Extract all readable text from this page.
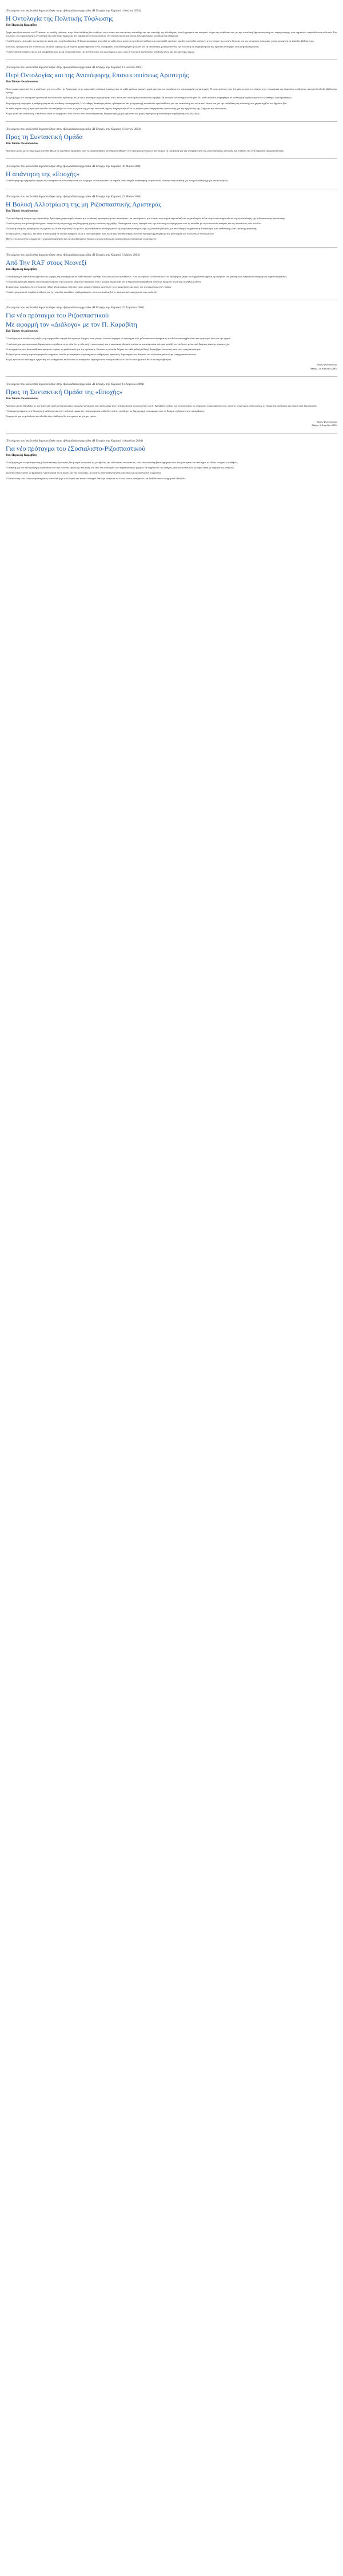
(Το κείμενο που ακολουθεί δημοσιεύθηκε στην εβδομαδιαία εφημερίδα «Η Εποχή» την Κυριακή 4 Ιουλίου 2004)
Η Οντολογία της Πολιτικής Τύφλωσης
Του Περικλή Καραβίτη

Αρχές εκτοξεύεται από τον Πλάτωνα, κι επειδή, μάλιστα, στην ίδια ελεύθερη δεν επιθυμεί ποτέ κάπου και να κτύπος επίτευξης και της σπουδής της ελευθερίας, ένα ζωγραφικό και ιστορικό νόημα της αλήθειας που με την συνολική δημοσιονομική του ενεργοποίηση, που σημειώνει παράδοξα και πολιτικά. Στις πολιτικές της διερεύνησης η οντολογία της πολιτικής τύφλωσης δεν αφορά μόνο όσους ασκούν την εξουσία αλλά και όσους την υφίστανται σιωπηλά και αδιάφορα.

Η αλήθεια δεν είναι κάτι που κατέχεται αλλά κάτι που διεκδικείται. Η δημόσια σφαίρα αποτελεί το πεδίο όπου κρίνεται η πολιτική ευθύνη και όπου κάθε πρόταση οφείλει να σταθεί απέναντι στον έλεγχο της κοινής λογικής και της ιστορικής εμπειρίας, χωρίς καταφυγή σε εύκολες βεβαιότητες.

Συνεπώς, η τύφλωση δεν είναι απλώς ατομικό σφάλμα αλλά δομικό χαρακτηριστικό ενός συστήματος που αναπαράγει τη σιωπή και τη συναίνεση, μετατρέποντας την πολιτική σε διαχείριση και την κριτική σε θόρυβο που γρήγορα ξεχνιέται.

Η απάντηση δεν βρίσκεται σε μια νέα βεβαιότητα αλλά στην ανάκτηση της δυνατότητας του ερωτήματος, εκεί όπου η πολιτική ξαναγίνεται υπόθεση όλων και όχι προνόμιο λίγων.

(Το κείμενο που ακολουθεί δημοσιεύθηκε στην εβδομαδιαία εφημερίδα «Η Εποχή» την Κυριακή 13 Ιουνίου 2004)
Περί Οντολογίας και της Ανυπόφορης Επανεκτοπίσεως Αριστερής
Του Τάσου Φωτόπουλου

Είναι χαρακτηριστικό ότι η συζήτηση για τον ρόλο της Αριστεράς στην ευρωπαϊκή πολιτική επανέρχεται σε κάθε κρίσιμη καμπή, χωρίς ωστόσο να καταλήγει σε συγκεκριμένη στρατηγική. Η επανεκτόπιση των ζητημάτων από το κέντρο στην περιφέρεια της δημόσιας συζήτησης αποτελεί ένδειξη βαθύτερης κρίσης.

Το πρόβλημα δεν είναι μόνο η απουσία εναλλακτικής πρότασης αλλά και η αδυναμία συγκρότησης ενός πολιτικού υποκειμένου ικανού να τη φέρει. Η ιστορία των κινημάτων δείχνει ότι κάθε πρόοδος στηρίχθηκε σε συλλογική οργάνωση και σε ξεκάθαρες προτεραιότητες.

Στη σημερινή συγκυρία, η ανάγκη για μια νέα σύνθεση είναι εμφανής. Η ελεύθερη διακίνηση ιδεών, η διαφάνεια και η συμμετοχή αποτελούν προϋποθέσεις για την ανανέωση του πολιτικού λόγου και για την υπέρβαση της κόπωσης που χαρακτηρίζει τον δημόσιο βίο.

Σε κάθε περίπτωση, η Αριστερά οφείλει να αναζητήσει εκ νέου τη σχέση της με την κοινωνία, όχι ως διαχειριστής αλλά ως φορέας μιας διαφορετικής προοπτικής για την οργάνωση της ζωής και της οικονομίας.

Χωρίς αυτή την ανανέωση, ο κίνδυνος είναι να παραμείνει ένα σύνολο από αποσπασματικές διαμαρτυρίες χωρίς ορίζοντα και χωρίς πραγματική δυνατότητα παρέμβασης στις εξελίξεις.

(Το κείμενο που ακολουθεί δημοσιεύθηκε στην εβδομαδιαία εφημερίδα «Η Εποχή» την Κυριακή 6 Ιουνίου 2004)
Προς τη Συντακτική Ομάδα
Του Τάσου Φωτόπουλου

Αγαπητοί φίλοι, με το σημείωμα αυτό θα ήθελα να σχολιάσω ορισμένες από τις παρατηρήσεις που δημοσιεύθηκαν στο προηγούμενο φύλλο σχετικά με τη συζήτηση για την αναγκαιότητα της ριζοσπαστικής πολιτικής και τη θέση της στη σημερινή πραγματικότητα.

(Το κείμενο που ακολουθεί δημοσιεύθηκε στην εβδομαδιαία εφημερίδα «Η Εποχή» την Κυριακή 30 Μαΐου 2004)
Η απάντηση της «Εποχής»

Η απάντηση της εφημερίδας αφορά τις επισημάνσεις του αναγνώστη και επιχειρεί να διευκρινίσει τα σημεία όπου υπήρξε παρανόηση, επιμένοντας ωστόσο στην ανάγκη για ανοιχτό διάλογο χωρίς αποκλεισμούς.

(Το κείμενο που ακολουθεί δημοσιεύθηκε στην εβδομαδιαία εφημερίδα «Η Εποχή» την Κυριακή 23 Μαΐου 2004)
Η Βολική Αλλοτρίωση της μη Ριζοσπαστικής Αριστεράς
Του Τάσου Φωτόπουλου

Η μεταπολεμική ιστορία της ευρωπαϊκής Αριστεράς χαρακτηρίζεται από μια σταδιακή προσαρμογή στις απαιτήσεις του συστήματος, μια πορεία που συχνά παρουσιάζεται ως ρεαλισμός αλλά στην ουσία σηματοδοτεί την εγκατάλειψη της ριζοσπαστικής προοπτικής.

Η αλλοτρίωση αυτή είναι βολική γιατί επιτρέπει τη συμμετοχή στη διαχείριση χωρίς το κόστος της ρήξης. Ταυτόχρονα, όμως, αφαιρεί από την πολιτική το περιεχόμενο που τη συνέδεε με τις κοινωνικές ανάγκες και τις προσδοκίες των πολλών.

Η κριτική αυτή δεν αφορά μόνο τις ηγεσίες αλλά και τη στάση των μελών, τη συνήθεια να αποδεχόμαστε τη μικρότερη κακή επιλογή ως μοναδική διέξοδο, με αποτέλεσμα να χάνεται η δυνατότητα μιας αυθεντικής εναλλακτικής πρότασης.

Το ζητούμενο, επομένως, δεν είναι η επιστροφή σε παλαιά σχήματα αλλά η επανεφεύρεση μιας πολιτικής που θα στηρίζεται στην άμεση συμμετοχή και την αυτονομία των κοινωνικών υποκειμένων.

Μόνο έτσι μπορεί να ξεπεραστεί η σημερινή αμηχανία και να ανοίξει ξανά ο δρόμος για μια συλλογική αναζήτηση με ουσιαστικό περιεχόμενο.

(Το κείμενο που ακολουθεί δημοσιεύθηκε στην εβδομαδιαία εφημερίδα «Η Εποχή» την Κυριακή 9 Μαΐου 2004)
Από Την RAF στους Νεονεξί
Του Περικλή Καραβίτη

Η συζήτηση για την πολιτική βία και τις μορφές της επανέρχεται σε κάθε περίοδο όξυνσης των κοινωνικών αντιθέσεων. Από τις ομάδες των δεκαετιών του εβδομήντα μέχρι τα σύγχρονα κινήματα, η ερμηνεία του φαινομένου παραμένει ανοιχτή και συχνά αντιφατική.

Η ιστορική εμπειρία δείχνει ότι η απομόνωση από την κοινωνία οδηγεί σε αδιέξοδα, ενώ η μαζική συμμετοχή και η δημόσια αντιπαράθεση ανοίγουν δρόμους που η βία συνήθως κλείνει.

Το ερώτημα, επομένως, δεν είναι μόνο ηθικό αλλά κυρίως πολιτικό: ποιες μορφές δράσης ενισχύουν τη χειραφέτηση και ποιες την υπονομεύουν στην πράξη.

Η απάντηση απαιτεί νηφάλια ανάλυση και όχι εύκολες καταδίκες ή εξωραϊσμούς, ώστε να αναδειχθεί το πραγματικό περιεχόμενο των επιλογών.

(Το κείμενο που ακολουθεί δημοσιεύθηκε στην εβδομαδιαία εφημερίδα «Η Εποχή» την Κυριακή 25 Απριλίου 2004)
Για νέο πρόταγμα του Ριζοσπαστικού
Με αφορμή τον «Διάλογο» με τον Π. Καραβίτη
Του Τάσου Φωτόπουλου

Ο διάλογος που άνοιξε στις στήλες της εφημερίδας αφορά ένα κρίσιμο ζήτημα: ποιο μπορεί να είναι σήμερα το πρόταγμα ενός ριζοσπαστικού κινήματος που θέλει να υπερβεί τόσο τον κρατισμό όσο και την αγορά.

Η πρόταση για μια περιεκτική δημοκρατία στηρίζεται στην ιδέα ότι η πολιτική, η οικονομική και η κοινωνική εξουσία πρέπει να κατανέμονται ισότιμα μεταξύ των πολιτών, μέσα από θεσμούς άμεσης συμμετοχής.

Οι αντιρρήσεις που διατυπώθηκαν αφορούν κυρίως τη ρεαλιστικότητα της πρότασης. Ωστόσο, η ιστορία δείχνει ότι κάθε ριζική αλλαγή θεωρήθηκε ουτοπική πριν γίνει πραγματικότητα.

Το ζητούμενο είναι η συγκρότηση ενός κινήματος που θα μετατρέψει το πρόταγμα σε καθημερινή πρακτική, δημιουργώντας θεσμούς αντι-εξουσίας μέσα στην υπάρχουσα κοινωνία.

Χωρίς ένα τέτοιο πρόταγμα, η κριτική του υπάρχοντος κινδυνεύει να παραμείνει άγονη και να ενσωματωθεί στο ίδιο το σύστημα που θέλει να αμφισβητήσει.

Τάσος Φωτόπουλος
Αθήνα, 11 Απριλίου 2004
(Το κείμενο που ακολουθεί δημοσιεύθηκε στην εβδομαδιαία εφημερίδα «Η Εποχή» την Κυριακή 11 Απριλίου 2004)
Προς τη Συντακτική Ομάδα της «Εποχής»
Του Τάσου Φωτόπουλου

Αγαπητοί φίλοι, θα ήθελα με την επιστολή αυτή να διευκρινίσω ορισμένα ζητήματα που προέκυψαν από τη δημοσίευση του κειμένου του Π. Καραβίτη, καθώς και να απαντήσω σε επιμέρους παρατηρήσεις που, κατά τη γνώμη μου, αλλοιώνουν το νόημα της πρότασης για περιεκτική δημοκρατία.

Η διάκριση ανάμεσα στη θεωρητική ανάλυση και στην πολιτική πρακτική είναι αναγκαία, αλλά δεν πρέπει να οδηγεί σε διαχωρισμό που αφαιρεί από τη θεωρία τη δυνατότητα παρέμβασης.

Ευχαριστώ για τη φιλοξενία και ελπίζω ότι ο διάλογος θα συνεχιστεί με γόνιμο τρόπο.

Τάσος Φωτόπουλος
Αθήνα, 2 Απριλίου 2004
(Το κείμενο που ακολουθεί δημοσιεύθηκε στην εβδομαδιαία εφημερίδα «Η Εποχή» την Κυριακή 4 Απριλίου 2004)
Για νέο πρόταγμα του ζΣοσιαλιστο-Ριζοσπαστικού
Του Περικλή Καραβίτη

Η συζήτηση για το πρόταγμα της ριζοσπαστικής Αριστεράς δεν μπορεί να αγνοεί τις μεταβολές της τελευταίας εικοσαετίας, ούτε να επαναλαμβάνει σχήματα που δοκιμάστηκαν και απέτυχαν σε άλλες ιστορικές συνθήκες.

Η ανάγκη για ένα νέο πρόταγμα προκύπτει από την ίδια την κρίση της πολιτικής και από την αδυναμία των παραδοσιακών φορέων να εκφράσουν τις ανάγκες μιας κοινωνίας που μεταβάλλεται με ταχύτατους ρυθμούς.

Στο επίκεντρο πρέπει να βρίσκεται η αυτονομία του ατόμου και της κοινωνίας, η ισότητα στην κατανομή της εξουσίας και η οικολογική ισορροπία.

Η διατύπωση ενός τέτοιου προτάγματος αποτελεί έργο συλλογικό και απαιτεί ανοιχτό διάλογο ανάμεσα σε όλους όσους αναζητούν μια διέξοδο από το σημερινό αδιέξοδο.
